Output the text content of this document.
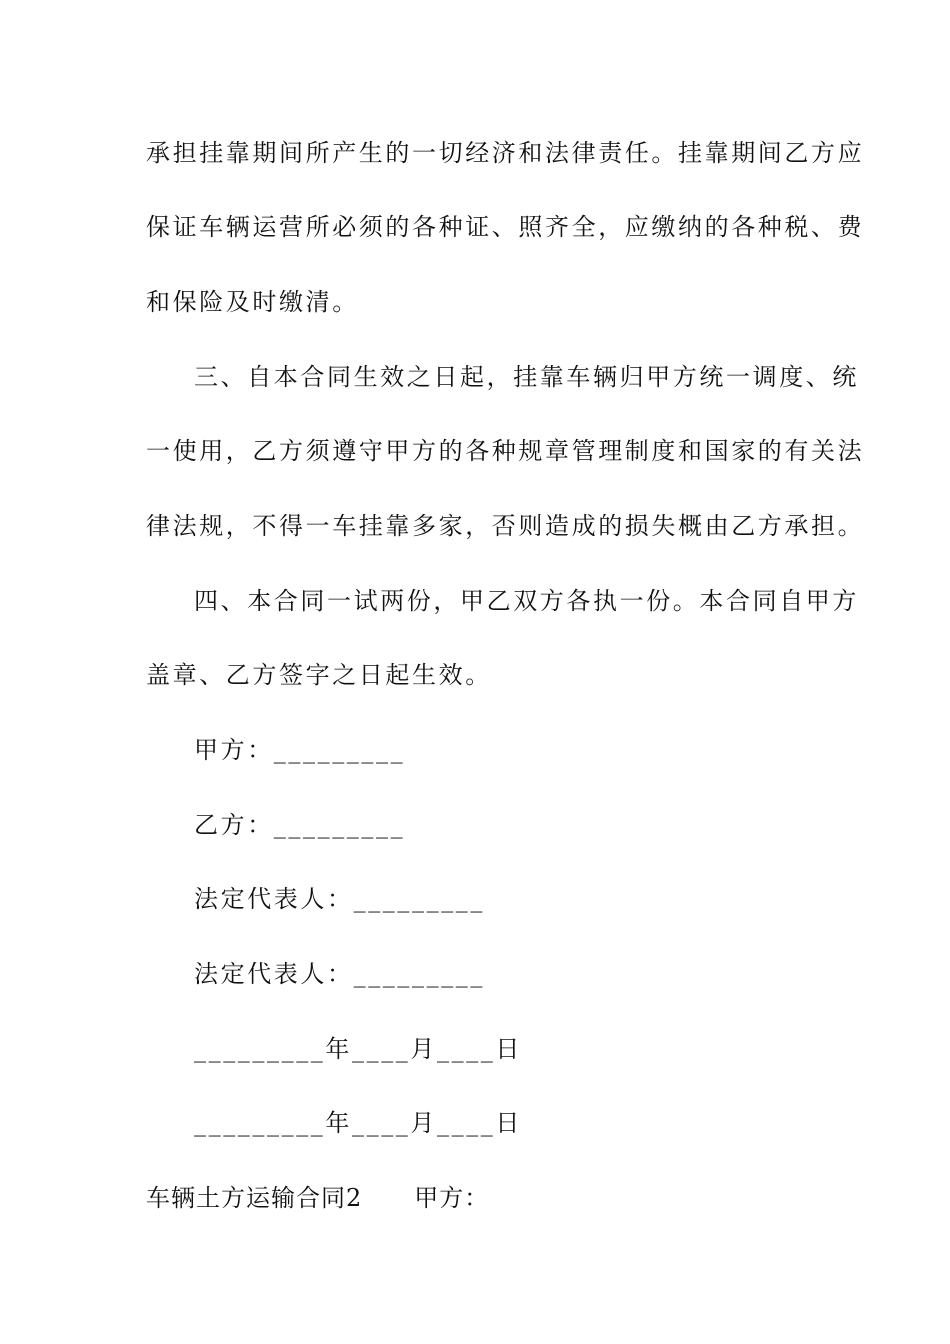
承担挂靠期间所产生的一切经济和法律责任。挂靠期间乙方应
保证车辆运营所必须的各种证、照齐全，应缴纳的各种税、费
和保险及时缴清。
三、自本合同生效之日起，挂靠车辆归甲方统一调度、统
一使用，乙方须遵守甲方的各种规章管理制度和国家的有关法
律法规，不得一车挂靠多家，否则造成的损失概由乙方承担。
四、本合同一试两份，甲乙双方各执一份。本合同自甲方
盖章、乙方签字之日起生效。
甲方：_________
乙方：_________
法定代表人：_________
法定代表人：_________
_________年____月____日
_________年____月____日
车辆土方运输合同2 甲方：
